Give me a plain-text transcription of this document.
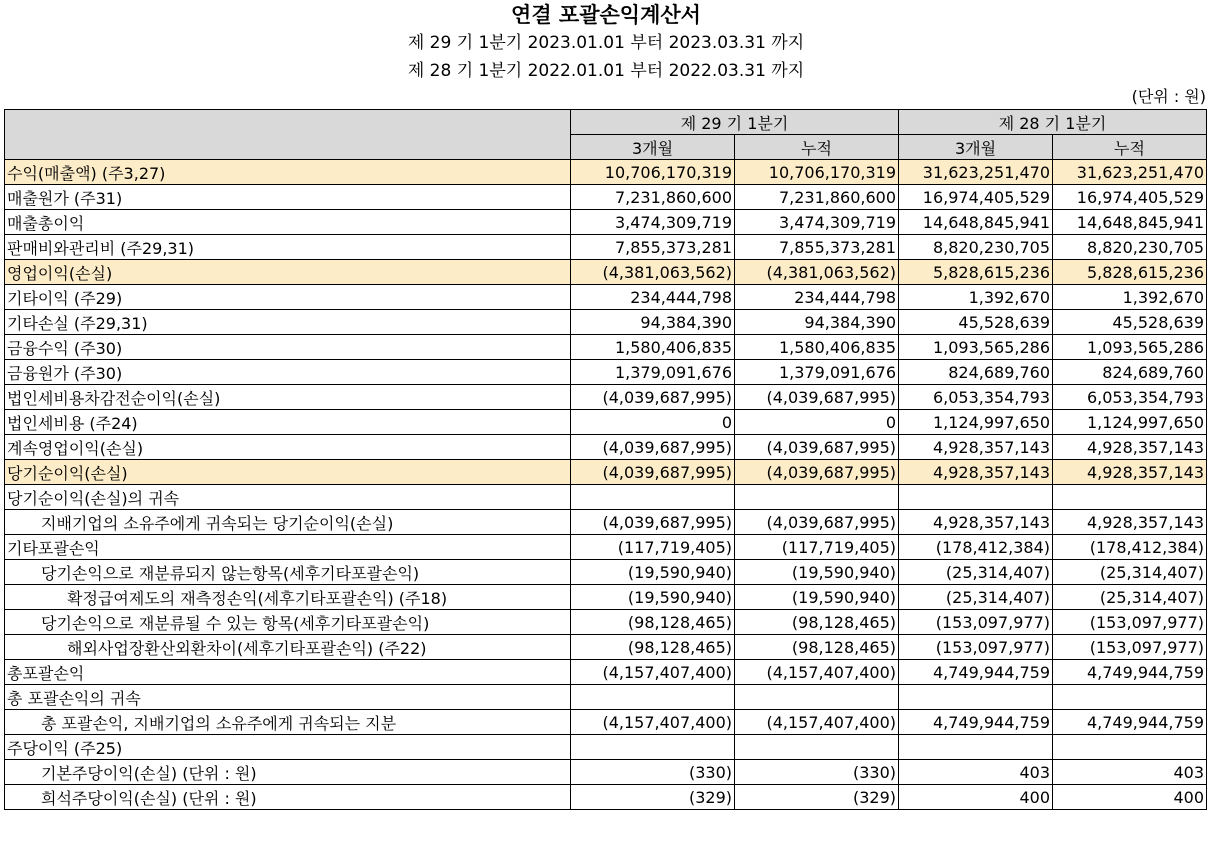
연결 포괄손익계산서
제 29 기 1분기 2023.01.01 부터 2023.03.31 까지
제 28 기 1분기 2022.01.01 부터 2022.03.31 까지
(단위 : 원)
	제 29 기 1분기		제 28 기 1분기	
	3개월	누적	3개월	누적
수익(매출액) (주3,27)	10,706,170,319	10,706,170,319	31,623,251,470	31,623,251,470
매출원가 (주31)	7,231,860,600	7,231,860,600	16,974,405,529	16,974,405,529
매출총이익	3,474,309,719	3,474,309,719	14,648,845,941	14,648,845,941
판매비와관리비 (주29,31)	7,855,373,281	7,855,373,281	8,820,230,705	8,820,230,705
영업이익(손실)	(4,381,063,562)	(4,381,063,562)	5,828,615,236	5,828,615,236
기타이익 (주29)	234,444,798	234,444,798	1,392,670	1,392,670
기타손실 (주29,31)	94,384,390	94,384,390	45,528,639	45,528,639
금융수익 (주30)	1,580,406,835	1,580,406,835	1,093,565,286	1,093,565,286
금융원가 (주30)	1,379,091,676	1,379,091,676	824,689,760	824,689,760
법인세비용차감전순이익(손실)	(4,039,687,995)	(4,039,687,995)	6,053,354,793	6,053,354,793
법인세비용 (주24)	0	0	1,124,997,650	1,124,997,650
계속영업이익(손실)	(4,039,687,995)	(4,039,687,995)	4,928,357,143	4,928,357,143
당기순이익(손실)	(4,039,687,995)	(4,039,687,995)	4,928,357,143	4,928,357,143
당기순이익(손실)의 귀속				
지배기업의 소유주에게 귀속되는 당기순이익(손실)	(4,039,687,995)	(4,039,687,995)	4,928,357,143	4,928,357,143
기타포괄손익	(117,719,405)	(117,719,405)	(178,412,384)	(178,412,384)
당기손익으로 재분류되지 않는항목(세후기타포괄손익)	(19,590,940)	(19,590,940)	(25,314,407)	(25,314,407)
확정급여제도의 재측정손익(세후기타포괄손익) (주18)	(19,590,940)	(19,590,940)	(25,314,407)	(25,314,407)
당기손익으로 재분류될 수 있는 항목(세후기타포괄손익)	(98,128,465)	(98,128,465)	(153,097,977)	(153,097,977)
해외사업장환산외환차이(세후기타포괄손익) (주22)	(98,128,465)	(98,128,465)	(153,097,977)	(153,097,977)
총포괄손익	(4,157,407,400)	(4,157,407,400)	4,749,944,759	4,749,944,759
총 포괄손익의 귀속				
총 포괄손익, 지배기업의 소유주에게 귀속되는 지분	(4,157,407,400)	(4,157,407,400)	4,749,944,759	4,749,944,759
주당이익 (주25)				
기본주당이익(손실) (단위 : 원)	(330)	(330)	403	403
희석주당이익(손실) (단위 : 원)	(329)	(329)	400	400
